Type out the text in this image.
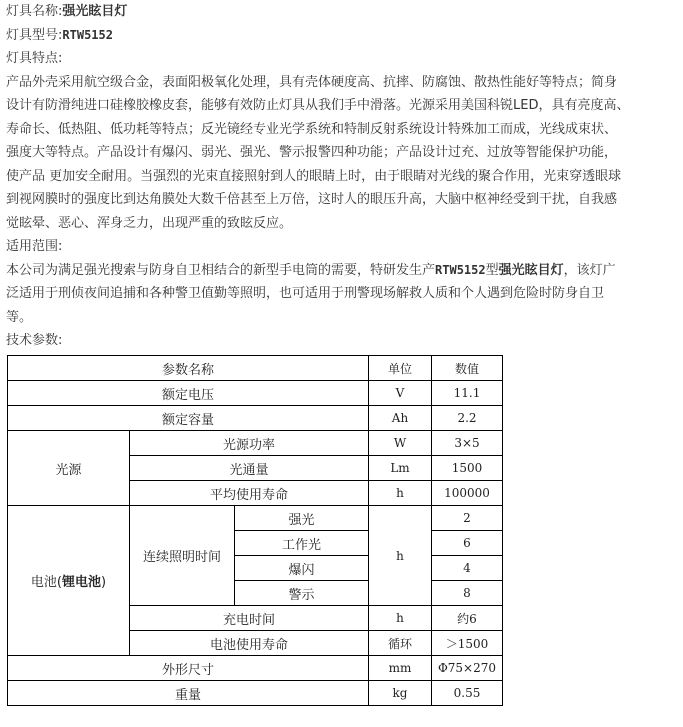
灯具名称:强光眩目灯
灯具型号:RTW5152
灯具特点:
产品外壳采用航空级合金，表面阳极氧化处理，具有壳体硬度高、抗摔、防腐蚀、散热性能好等特点；简身
设计有防滑纯进口硅橡胶橡皮套，能够有效防止灯具从我们手中滑落。光源采用美国科锐LED，具有亮度高、
寿命长、低热阻、低功耗等特点；反光镜经专业光学系统和特制反射系统设计特殊加工而成，光线成束状、
强度大等特点。产品设计有爆闪、弱光、强光、警示报警四种功能；产品设计过充、过放等智能保护功能，
使产品 更加安全耐用。当强烈的光束直接照射到人的眼睛上时，由于眼睛对光线的聚合作用，光束穿透眼球
到视网膜时的强度比到达角膜处大数千倍甚至上万倍，这时人的眼压升高，大脑中枢神经受到干扰，自我感
觉眩晕、恶心、浑身乏力，出现严重的致眩反应。
适用范围:
本公司为满足强光搜索与防身自卫相结合的新型手电筒的需要，特研发生产RTW5152型强光眩目灯，该灯广
泛适用于刑侦夜间追捕和各种警卫值勤等照明，也可适用于刑警现场解救人质和个人遇到危险时防身自卫
等。
技术参数:
参数名称			单位	数值
额定电压			V	11.1
额定容量			Ah	2.2
光源	光源功率		W	3×5
	光通量		Lm	1500
	平均使用寿命		h	100000
电池(锂电池)	连续照明时间	强光	h	2
		工作光		6
		爆闪		4
		警示		8
	充电时间		h	约6
	电池使用寿命		循环	＞1500
外形尺寸			mm	Φ75×270
重量			kg	0.55
